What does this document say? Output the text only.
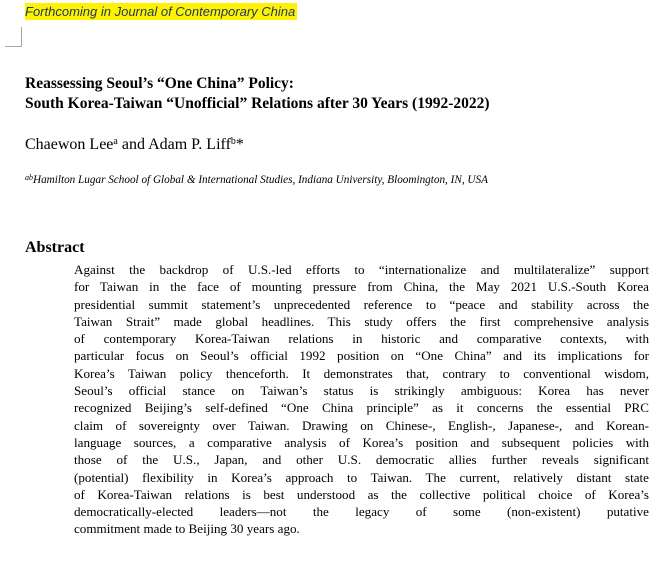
Forthcoming in Journal of Contemporary China
Reassessing Seoul’s “One China” Policy:
South Korea-Taiwan “Unofficial” Relations after 30 Years (1992-2022)
Chaewon Lee$^a$ and Adam P. Liff$^b$*
$^{ab}$Hamilton Lugar School of Global & International Studies, Indiana University, Bloomington, IN, USA
Abstract
Against the backdrop of U.S.-led efforts to “internationalize and multilateralize” support
for Taiwan in the face of mounting pressure from China, the May 2021 U.S.-South Korea
presidential summit statement’s unprecedented reference to “peace and stability across the
Taiwan Strait” made global headlines. This study offers the first comprehensive analysis
of contemporary Korea-Taiwan relations in historic and comparative contexts, with
particular focus on Seoul’s official 1992 position on “One China” and its implications for
Korea’s Taiwan policy thenceforth. It demonstrates that, contrary to conventional wisdom,
Seoul’s official stance on Taiwan’s status is strikingly ambiguous: Korea has never
recognized Beijing’s self-defined “One China principle” as it concerns the essential PRC
claim of sovereignty over Taiwan. Drawing on Chinese-, English-, Japanese-, and Korean-
language sources, a comparative analysis of Korea’s position and subsequent policies with
those of the U.S., Japan, and other U.S. democratic allies further reveals significant
(potential) flexibility in Korea’s approach to Taiwan. The current, relatively distant state
of Korea-Taiwan relations is best understood as the collective political choice of Korea’s
democratically-elected leaders—not the legacy of some (non-existent) putative
commitment made to Beijing 30 years ago.
